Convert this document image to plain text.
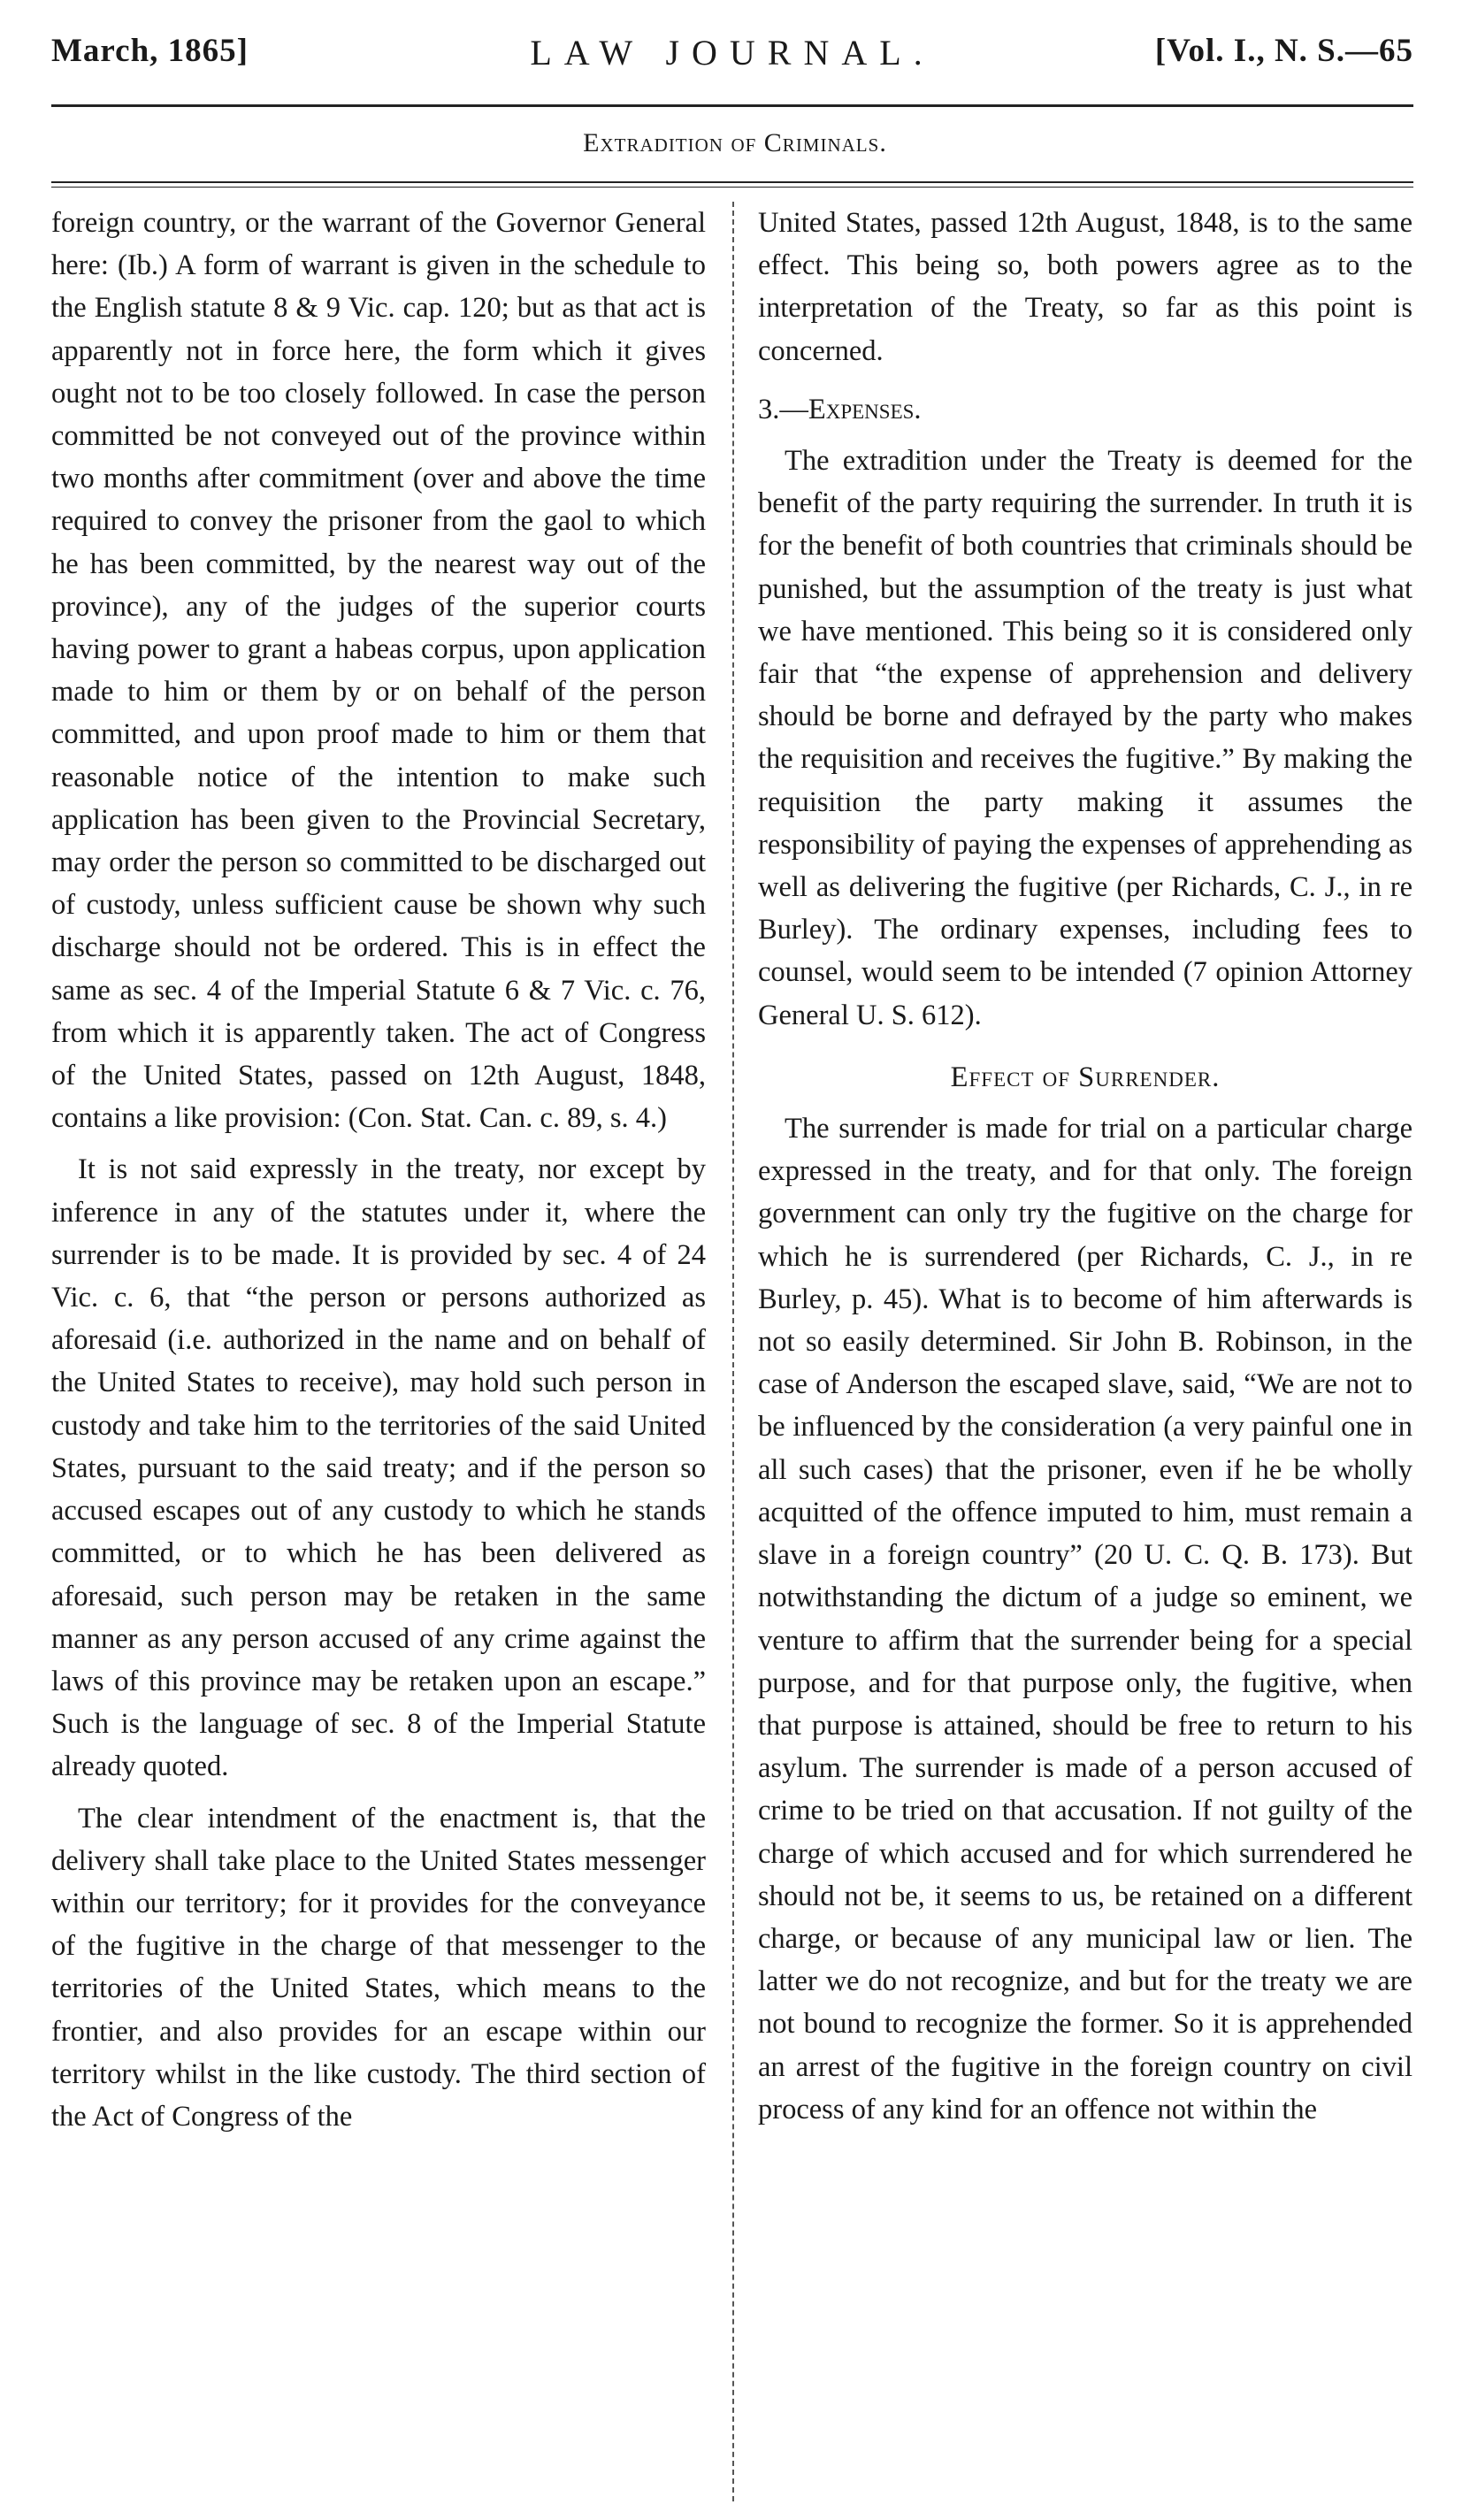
March, 1865]	LAW JOURNAL.	[Vol. I., N. S.—65
Extradition of Criminals.

foreign country, or the warrant of the Governor General here: (Ib.) A form of warrant is given in the schedule to the English statute 8 & 9 Vic. cap. 120; but as that act is apparently not in force here, the form which it gives ought not to be too closely followed. In case the person committed be not conveyed out of the province within two months after commitment (over and above the time required to convey the prisoner from the gaol to which he has been committed, by the nearest way out of the province), any of the judges of the superior courts having power to grant a habeas corpus, upon application made to him or them by or on behalf of the person committed, and upon proof made to him or them that reasonable notice of the intention to make such application has been given to the Provincial Secretary, may order the person so committed to be discharged out of custody, unless sufficient cause be shown why such discharge should not be ordered. This is in effect the same as sec. 4 of the Imperial Statute 6 & 7 Vic. c. 76, from which it is apparently taken. The act of Congress of the United States, passed on 12th August, 1848, contains a like provision: (Con. Stat. Can. c. 89, s. 4.)

It is not said expressly in the treaty, nor except by inference in any of the statutes under it, where the surrender is to be made. It is provided by sec. 4 of 24 Vic. c. 6, that “the person or persons authorized as aforesaid (i.e. authorized in the name and on behalf of the United States to receive), may hold such person in custody and take him to the territories of the said United States, pursuant to the said treaty; and if the person so accused escapes out of any custody to which he stands committed, or to which he has been delivered as aforesaid, such person may be retaken in the same manner as any person accused of any crime against the laws of this province may be retaken upon an escape.” Such is the language of sec. 8 of the Imperial Statute already quoted.

The clear intendment of the enactment is, that the delivery shall take place to the United States messenger within our territory; for it provides for the conveyance of the fugitive in the charge of that messenger to the territories of the United States, which means to the frontier, and also provides for an escape within our territory whilst in the like custody. The third section of the Act of Congress of the

United States, passed 12th August, 1848, is to the same effect. This being so, both powers agree as to the interpretation of the Treaty, so far as this point is concerned.

3.—Expenses.

The extradition under the Treaty is deemed for the benefit of the party requiring the surrender. In truth it is for the benefit of both countries that criminals should be punished, but the assumption of the treaty is just what we have mentioned. This being so it is considered only fair that “the expense of apprehension and delivery should be borne and defrayed by the party who makes the requisition and receives the fugitive.” By making the requisition the party making it assumes the responsibility of paying the expenses of apprehending as well as delivering the fugitive (per Richards, C. J., in re Burley). The ordinary expenses, including fees to counsel, would seem to be intended (7 opinion Attorney General U. S. 612).

Effect of Surrender.

The surrender is made for trial on a particular charge expressed in the treaty, and for that only. The foreign government can only try the fugitive on the charge for which he is surrendered (per Richards, C. J., in re Burley, p. 45). What is to become of him afterwards is not so easily determined. Sir John B. Robinson, in the case of Anderson the escaped slave, said, “We are not to be influenced by the consideration (a very painful one in all such cases) that the prisoner, even if he be wholly acquitted of the offence imputed to him, must remain a slave in a foreign country” (20 U. C. Q. B. 173). But notwithstanding the dictum of a judge so eminent, we venture to affirm that the surrender being for a special purpose, and for that purpose only, the fugitive, when that purpose is attained, should be free to return to his asylum. The surrender is made of a person accused of crime to be tried on that accusation. If not guilty of the charge of which accused and for which surrendered he should not be, it seems to us, be retained on a different charge, or because of any municipal law or lien. The latter we do not recognize, and but for the treaty we are not bound to recognize the former. So it is apprehended an arrest of the fugitive in the foreign country on civil process of any kind for an offence not within the
